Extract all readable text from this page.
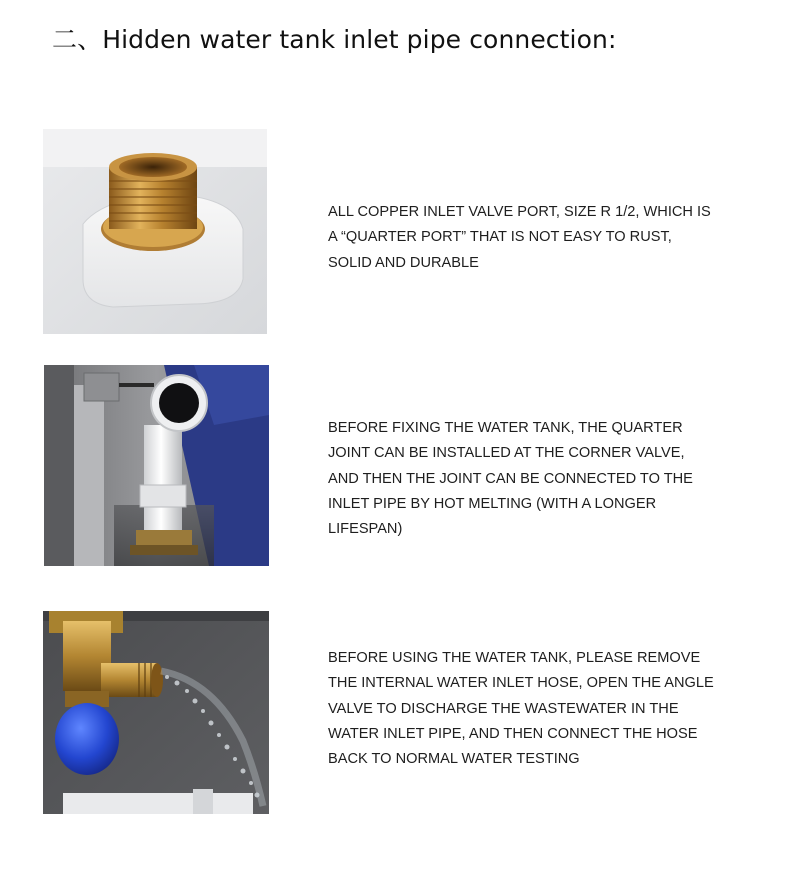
二、Hidden water tank inlet pipe connection:

ALL COPPER INLET VALVE PORT, SIZE R 1/2, WHICH IS A “QUARTER PORT” THAT IS NOT EASY TO RUST, SOLID AND DURABLE

BEFORE FIXING THE WATER TANK, THE QUARTER JOINT CAN BE INSTALLED AT THE CORNER VALVE, AND THEN THE JOINT CAN BE CONNECTED TO THE INLET PIPE BY HOT MELTING (WITH A LONGER LIFESPAN)

BEFORE USING THE WATER TANK, PLEASE REMOVE THE INTERNAL WATER INLET HOSE, OPEN THE ANGLE VALVE TO DISCHARGE THE WASTEWATER IN THE WATER INLET PIPE, AND THEN CONNECT THE HOSE BACK TO NORMAL WATER TESTING
